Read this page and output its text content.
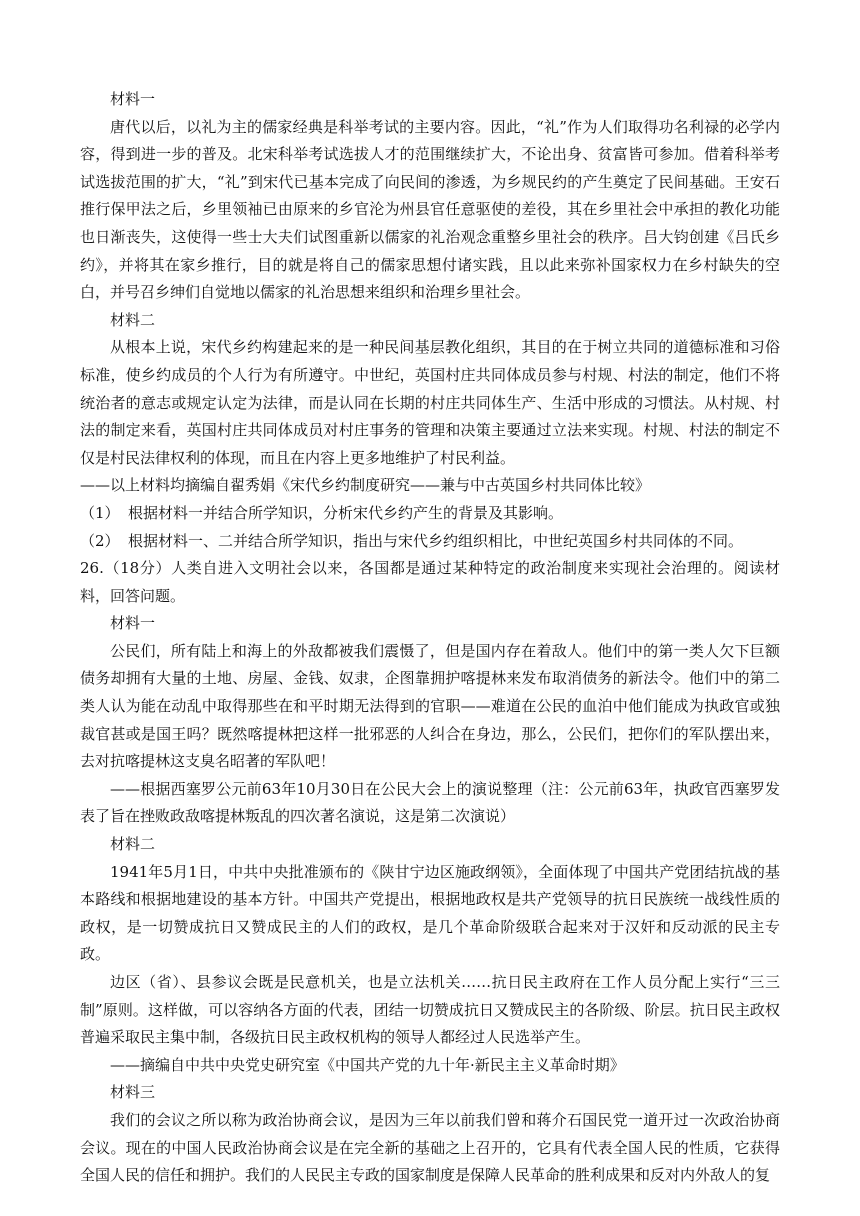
材料一

唐代以后，以礼为主的儒家经典是科举考试的主要内容。因此，“礼”作为人们取得功名利禄的必学内容，得到进一步的普及。北宋科举考试选拔人才的范围继续扩大，不论出身、贫富皆可参加。借着科举考试选拔范围的扩大，“礼”到宋代已基本完成了向民间的渗透，为乡规民约的产生奠定了民间基础。王安石推行保甲法之后，乡里领袖已由原来的乡官沦为州县官任意驱使的差役，其在乡里社会中承担的教化功能也日渐丧失，这使得一些士大夫们试图重新以儒家的礼治观念重整乡里社会的秩序。吕大钧创建《吕氏乡约》，并将其在家乡推行，目的就是将自己的儒家思想付诸实践，且以此来弥补国家权力在乡村缺失的空白，并号召乡绅们自觉地以儒家的礼治思想来组织和治理乡里社会。

材料二

从根本上说，宋代乡约构建起来的是一种民间基层教化组织，其目的在于树立共同的道德标准和习俗标准，使乡约成员的个人行为有所遵守。中世纪，英国村庄共同体成员参与村规、村法的制定，他们不将统治者的意志或规定认定为法律，而是认同在长期的村庄共同体生产、生活中形成的习惯法。从村规、村法的制定来看，英国村庄共同体成员对村庄事务的管理和决策主要通过立法来实现。村规、村法的制定不仅是村民法律权利的体现，而且在内容上更多地维护了村民利益。

——以上材料均摘编自翟秀娟《宋代乡约制度研究——兼与中古英国乡村共同体比较》

（1） 根据材料一并结合所学知识，分析宋代乡约产生的背景及其影响。

（2） 根据材料一、二并结合所学知识，指出与宋代乡约组织相比，中世纪英国乡村共同体的不同。

26.（18分）人类自进入文明社会以来，各国都是通过某种特定的政治制度来实现社会治理的。阅读材料，回答问题。

材料一

公民们，所有陆上和海上的外敌都被我们震慑了，但是国内存在着敌人。他们中的第一类人欠下巨额债务却拥有大量的土地、房屋、金钱、奴隶，企图靠拥护喀提林来发布取消债务的新法令。他们中的第二类人认为能在动乱中取得那些在和平时期无法得到的官职——难道在公民的血泊中他们能成为执政官或独裁官甚或是国王吗？既然喀提林把这样一批邪恶的人纠合在身边，那么，公民们，把你们的军队摆出来，去对抗喀提林这支臭名昭著的军队吧！

——根据西塞罗公元前63年10月30日在公民大会上的演说整理（注：公元前63年，执政官西塞罗发表了旨在挫败政敌喀提林叛乱的四次著名演说，这是第二次演说）

材料二

1941年5月1日，中共中央批准颁布的《陕甘宁边区施政纲领》，全面体现了中国共产党团结抗战的基本路线和根据地建设的基本方针。中国共产党提出，根据地政权是共产党领导的抗日民族统一战线性质的政权，是一切赞成抗日又赞成民主的人们的政权，是几个革命阶级联合起来对于汉奸和反动派的民主专政。

边区（省）、县参议会既是民意机关，也是立法机关……抗日民主政府在工作人员分配上实行“三三制”原则。这样做，可以容纳各方面的代表，团结一切赞成抗日又赞成民主的各阶级、阶层。抗日民主政权普遍采取民主集中制，各级抗日民主政权机构的领导人都经过人民选举产生。

——摘编自中共中央党史研究室《中国共产党的九十年·新民主主义革命时期》

材料三

我们的会议之所以称为政治协商会议，是因为三年以前我们曾和蒋介石国民党一道开过一次政治协商会议。现在的中国人民政治协商会议是在完全新的基础之上召开的，它具有代表全国人民的性质，它获得全国人民的信任和拥护。我们的人民民主专政的国家制度是保障人民革命的胜利成果和反对内外敌人的复
